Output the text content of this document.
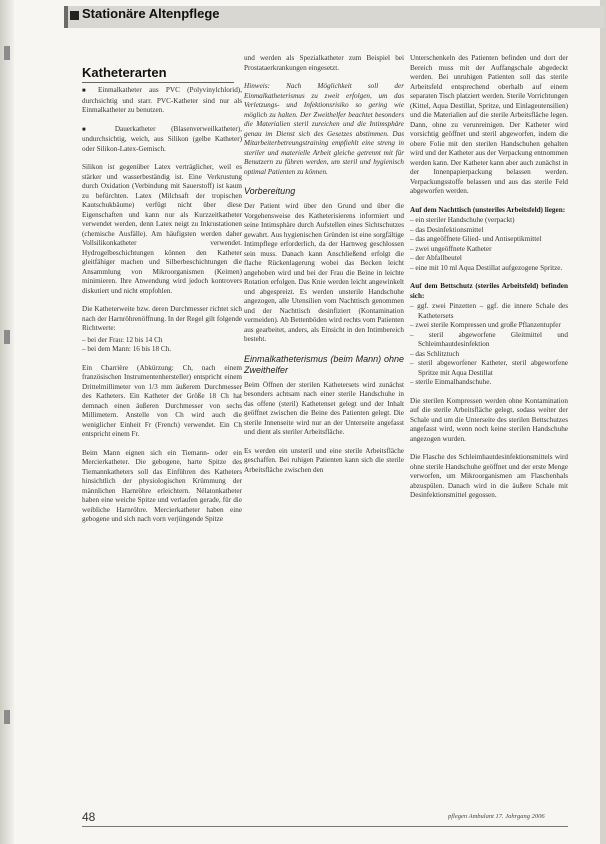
Stationäre Altenpflege
Katheterarten

■ Einmalkatheter aus PVC (Polyvinylchlorid), durchsichtig und starr. PVC-Katheter sind nur als Einmalkatheter zu benutzen.

■ Dauerkatheter (Blasenverweilkatheter), undurchsichtig, weich, aus Silikon (gelbe Katheter) oder Silikon-Latex-Gemisch.

Silikon ist gegenüber Latex verträglicher, weil es stärker und wasserbeständig ist. Eine Verkrustung durch Oxidation (Verbindung mit Sauerstoff) ist kaum zu befürchten. Latex (Milchsaft der tropischen Kautschukbäume) verfügt nicht über diese Eigenschaften und kann nur als Kurzzeitkatheter verwendet werden, denn Latex neigt zu Inkrustationen (chemische Ausfälle). Am häufigsten werden daher Vollsilikonkatheter verwendet. Hydrogelbeschichtungen können den Katheter gleitfähiger machen und Silberbeschichtungen die Ansammlung von Mikroorganismen (Keimen) minimieren. Ihre Anwendung wird jedoch kontrovers diskutiert und nicht empfohlen.

Die Katheterweite bzw. deren Durchmesser richtet sich nach der Harnröhrenöffnung. In der Regel gilt folgende Richtwerte:

– bei der Frau: 12 bis 14 Ch

– bei dem Mann: 16 bis 18 Ch.

Ein Charrière (Abkürzung: Ch, nach einem französischen Instrumentenhersteller) entspricht einem Drittelmillimeter von 1/3 mm äußerem Durchmesser des Katheters. Ein Katheter der Größe 18 Ch hat demnach einen äußeren Durchmesser von sechs Millimetern. Anstelle von Ch wird auch die weniglicher Einheit Fr (French) verwendet. Ein Ch entspricht einem Fr.

Beim Mann eignen sich ein Tiemann- oder ein Mercierkatheter. Die gebogene, harte Spitze des Tiemannkatheters soll das Einführen des Katheters hinsichtlich der physiologischen Krümmung der männlichen Harnröhre erleichtern. Nélatonkatheter haben eine weiche Spitze und verlaufen gerade, für die weibliche Harnröhre. Mercierkatheter haben eine gebogene und sich nach vorn verjüngende Spitze

und werden als Spezialkatheter zum Beispiel bei Prostataerkrankungen eingesetzt.

Hinweis: Nach Möglichkeit soll der Einmalkatheterismus zu zweit erfolgen, um das Verletzungs- und Infektionsrisiko so gering wie möglich zu halten. Der Zweithelfer beachtet besonders die Materialien steril zureichen und die Intimsphäre genau im Dienst sich des Gesetzes abstimmen. Das Mitarbeiterbetreungstraining empfiehlt eine streng in steriler und materielle Arbeit gleiche getrennt mit für Benutzern zu führen werden, um steril und hygienisch optimal Patienten zu können.

Vorbereitung

Der Patient wird über den Grund und über die Vorgehensweise des Katheterisierens informiert und seine Intimsphäre durch Aufstellen eines Sichtschutzes gewahrt. Aus hygienischen Gründen ist eine sorgfältige Intimpflege erforderlich, da der Harnweg geschlossen sein muss. Danach kann Anschließend erfolgt die flache Rückenlagerung wobei das Becken leicht angehoben wird und bei der Frau die Beine in leichte Rotation erfolgen. Das Knie werden leicht angewinkelt und abgespreizt. Es werden unsterile Handschuhe angezogen, alle Utensilien vom Nachttisch genommen und der Nachttisch desinfiziert (Kontamination vermeiden). Ab Bettenböden wird rechts vom Patienten aus gearbeitet, anders, als Einsicht in den Intimbereich besteht.

Einmalkatheterismus (beim Mann) ohne Zweithelfer

Beim Öffnen der sterilen Kathetersets wird zunächst besonders achtsam nach einer sterile Handschuhe in das offene (steril) Kathetenset gelegt und der Inhalt geöffnet zwischen die Beine des Patienten gelegt. Die sterile Innenseite wird nur an der Unterseite angefasst und dient als steriler Arbeitsfläche.

Es werden ein unsteril und eine sterile Arbeitsfläche geschaffen. Bei ruhigen Patienten kann sich die sterile Arbeitsfläche zwischen den

Unterschenkeln des Patienten befinden und dort der Bereich muss mit der Auffangschale abgedeckt werden. Bei unruhigen Patienten soll das sterile Arbeitsfeld entsprechend oberhalb auf einem separaten Tisch platziert werden. Sterile Vorrichtungen (Kittel, Aqua Destillat, Spritze, und Einlageutensilien) und die Materialien auf die sterile Arbeitsfläche legen. Dann, ohne zu verunreinigen. Der Katheter wird vorsichtig geöffnet und steril abgeworfen, indem die obere Folie mit den sterilen Handschuhen gehalten wird und der Katheter aus der Verpackung entnommen werden kann. Der Katheter kann aber auch zunächst in der Innenpapierpackung belassen werden. Verpackungsstoffe belassen und aus das sterile Feld abgeworfen werden.

Auf dem Nachttisch (unsteriles Arbeitsfeld) liegen:

– ein steriler Handschuhe (verpackt)

– das Desinfektionsmittel

– das angeöffnete Glied- und Antiseptikmittel

– zwei ungeöffnete Katheter

– der Abfallbeutel

– eine mit 10 ml Aqua Destillat aufgezogene Spritze.

Auf dem Bettschutz (steriles Arbeitsfeld) befinden sich:

– ggf. zwei Pinzetten – ggf. die innere Schale des Kathetersets

– zwei sterile Kompressen und große Pflanzentupfer

– steril abgeworfene Gleitmittel und Schleimhautdesinfektion

– das Schlitztuch

– steril abgeworfener Katheter, steril abgeworfene Spritze mit Aqua Destillat

– sterile Einmalhandschuhe.

Die sterilen Kompressen werden ohne Kontamination auf die sterile Arbeitsfläche gelegt, sodass weiter der Schale und um die Unterseite des sterilen Bettschutzes angefasst wird, wenn noch keine sterilen Handschuhe angezogen wurden.

Die Flasche des Schleimhautdesinfektionsmittels wird ohne sterile Handschuhe geöffnet und der erste Menge verworfen, um Mikroorganismen am Flaschenhals abzuspülen. Danach wird in die äußere Schale mit Desinfektionsmittel gegossen.

48	pflegen Ambulant 17. Jahrgang 2006
